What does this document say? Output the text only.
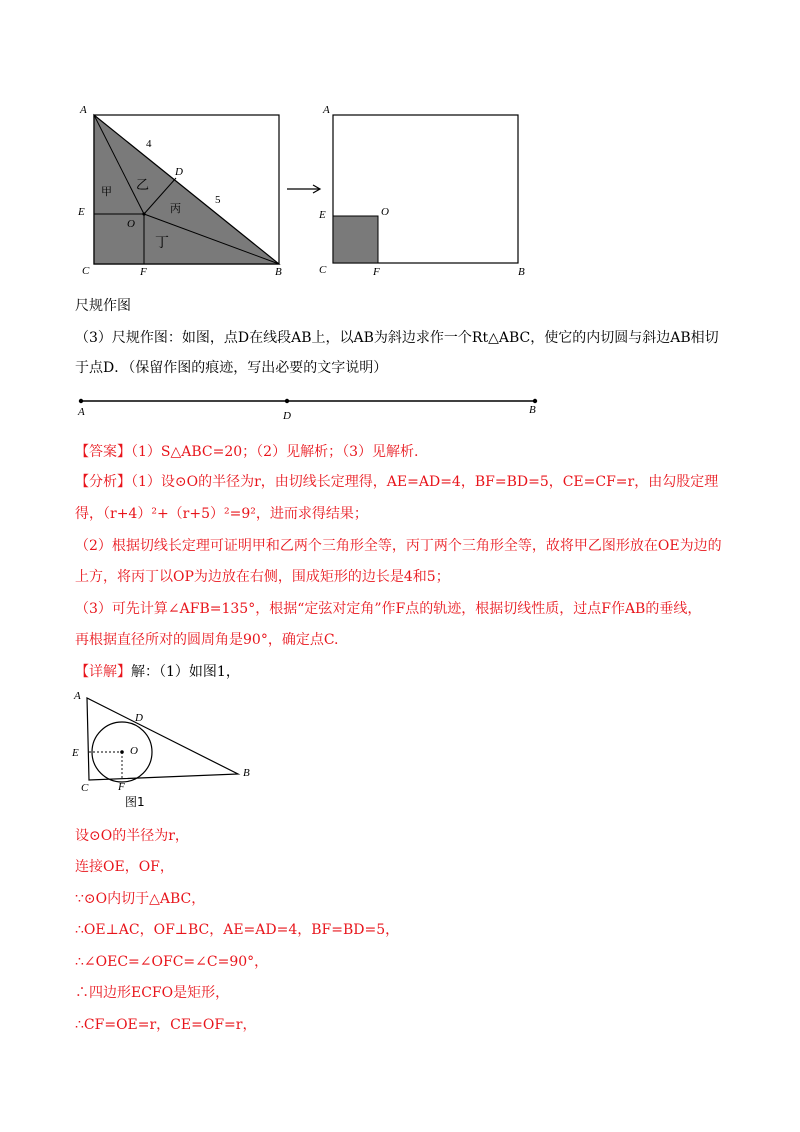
A
4
D
5
甲 乙
丙
丁
E
O
C	F	B
A
E	O
C	F	B
尺规作图
（3）尺规作图：如图，点D在线段AB上，以AB为斜边求作一个Rt△ABC，使它的内切圆与斜边AB相切
于点D．（保留作图的痕迹，写出必要的文字说明）
A	D	B
【答案】（1）S△ABC=20；（2）见解析；（3）见解析.
【分析】（1）设⊙O的半径为r，由切线长定理得，AE=AD=4，BF=BD=5，CE=CF=r，由勾股定理
得，（r+4）²+（r+5）²=9²，进而求得结果；
（2）根据切线长定理可证明甲和乙两个三角形全等，丙丁两个三角形全等，故将甲乙图形放在OE为边的
上方，将丙丁以OP为边放在右侧，围成矩形的边长是4和5；
（3）可先计算∠AFB=135°，根据“定弦对定角”作F点的轨迹，根据切线性质，过点F作AB的垂线，
再根据直径所对的圆周角是90°，确定点C.
【详解】解：（1）如图1，
A
D
E	O
B
C	F
图1
设⊙O的半径为r，
连接OE，OF，
∵⊙O内切于△ABC，
∴OE⊥AC，OF⊥BC，AE=AD=4，BF=BD=5，
∴∠OEC=∠OFC=∠C=90°，
∴四边形ECFO是矩形，
∴CF=OE=r，CE=OF=r，
